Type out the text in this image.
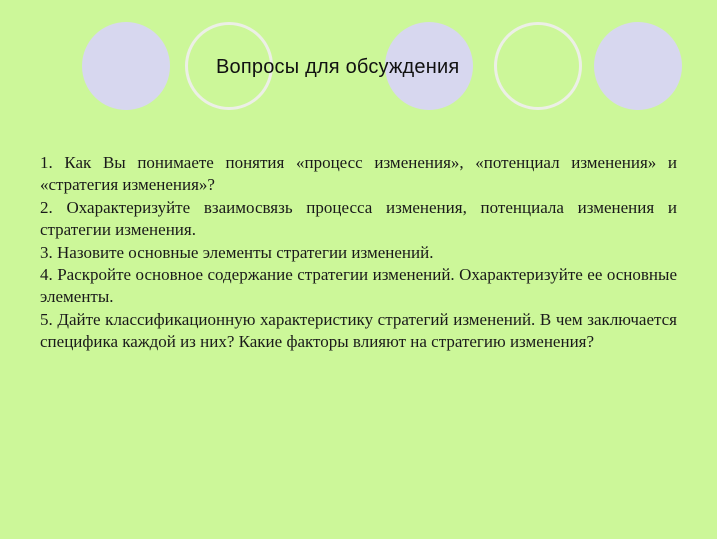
Вопросы для обсуждения
1. Как Вы понимаете понятия «процесс изменения», «потенциал изменения» и «стратегия изменения»?
2. Охарактеризуйте взаимосвязь процесса изменения, потенциала изменения и стратегии изменения.
3. Назовите основные элементы стратегии изменений.
4. Раскройте основное содержание стратегии изменений. Охарактеризуйте ее основные элементы.
5. Дайте классификационную характеристику стратегий изменений. В чем заключается специфика каждой из них? Какие факторы влияют на стратегию изменения?
